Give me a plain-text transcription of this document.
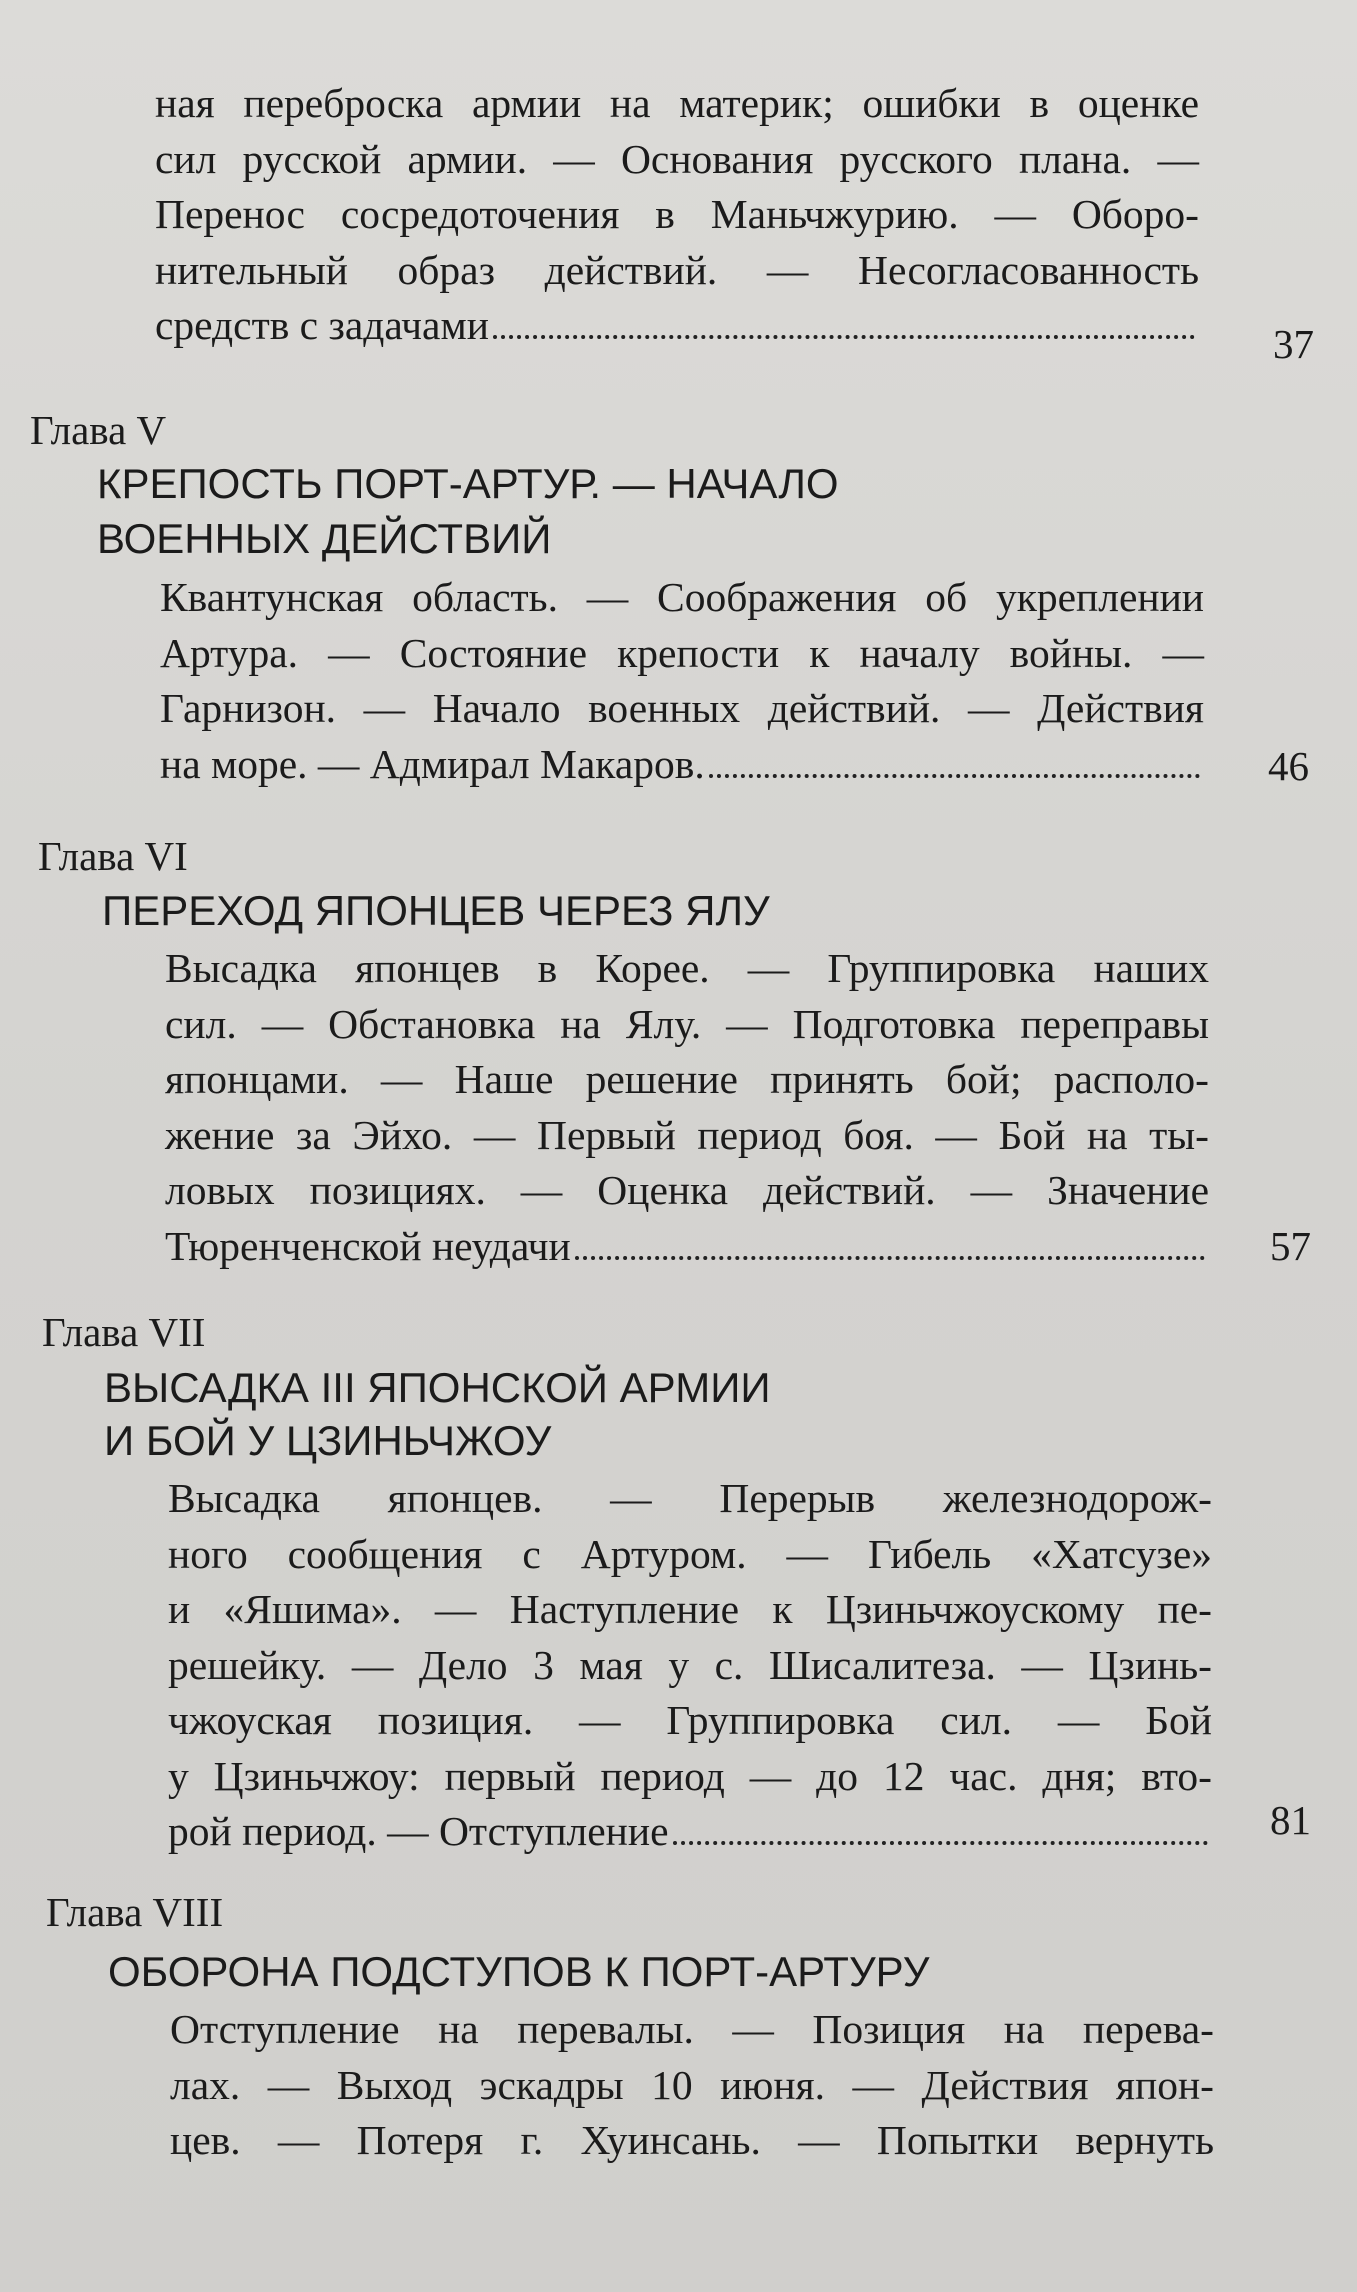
ная переброска армии на материк; ошибки в оценке
сил русской армии. — Основания русского плана. —
Перенос сосредоточения в Маньчжурию. — Оборо-
нительный образ действий. — Несогласованность
средств с задачами	37
Глава V
КРЕПОСТЬ ПОРТ-АРТУР. — НАЧАЛО
ВОЕННЫХ ДЕЙСТВИЙ
Квантунская область. — Соображения об укреплении
Артура. — Состояние крепости к началу войны. —
Гарнизон. — Начало военных действий. — Действия
на море. — Адмирал Макаров.	46
Глава VI
ПЕРЕХОД ЯПОНЦЕВ ЧЕРЕЗ ЯЛУ
Высадка японцев в Корее. — Группировка наших
сил. — Обстановка на Ялу. — Подготовка переправы
японцами. — Наше решение принять бой; располо-
жение за Эйхо. — Первый период боя. — Бой на ты-
ловых позициях. — Оценка действий. — Значение
Тюренченской неудачи	57
Глава VII
ВЫСАДКА III ЯПОНСКОЙ АРМИИ
И БОЙ У ЦЗИНЬЧЖОУ
Высадка японцев. — Перерыв железнодорож-
ного сообщения с Артуром. — Гибель «Хатсузе»
и «Яшима». — Наступление к Цзиньчжоускому пе-
решейку. — Дело 3 мая у с. Шисалитеза. — Цзинь-
чжоуская позиция. — Группировка сил. — Бой
у Цзиньчжоу: первый период — до 12 час. дня; вто-
рой период. — Отступление	81
Глава VIII
ОБОРОНА ПОДСТУПОВ К ПОРТ-АРТУРУ
Отступление на перевалы. — Позиция на перева-
лах. — Выход эскадры 10 июня. — Действия япон-
цев. — Потеря г. Хуинсань. — Попытки вернуть
